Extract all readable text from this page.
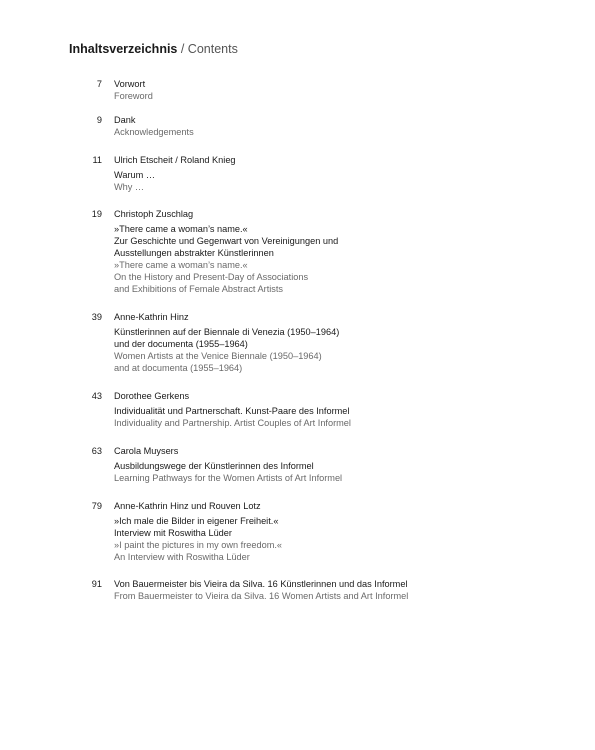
Inhaltsverzeichnis / Contents
7 Vorwort
Foreword
9 Dank
Acknowledgements
11 Ulrich Etscheit / Roland Knieg
Warum …
Why …
19 Christoph Zuschlag
»There came a woman’s name.«
Zur Geschichte und Gegenwart von Vereinigungen und
Ausstellungen abstrakter Künstlerinnen
»There came a woman’s name.«
On the History and Present-Day of Associations
and Exhibitions of Female Abstract Artists
39 Anne-Kathrin Hinz
Künstlerinnen auf der Biennale di Venezia (1950–1964)
und der documenta (1955–1964)
Women Artists at the Venice Biennale (1950–1964)
and at documenta (1955–1964)
43 Dorothee Gerkens
Individualität und Partnerschaft. Kunst-Paare des Informel
Individuality and Partnership. Artist Couples of Art Informel
63 Carola Muysers
Ausbildungswege der Künstlerinnen des Informel
Learning Pathways for the Women Artists of Art Informel
79 Anne-Kathrin Hinz und Rouven Lotz
»Ich male die Bilder in eigener Freiheit.«
Interview mit Roswitha Lüder
»I paint the pictures in my own freedom.«
An Interview with Roswitha Lüder
91 Von Bauermeister bis Vieira da Silva. 16 Künstlerinnen und das Informel
From Bauermeister to Vieira da Silva. 16 Women Artists and Art Informel
